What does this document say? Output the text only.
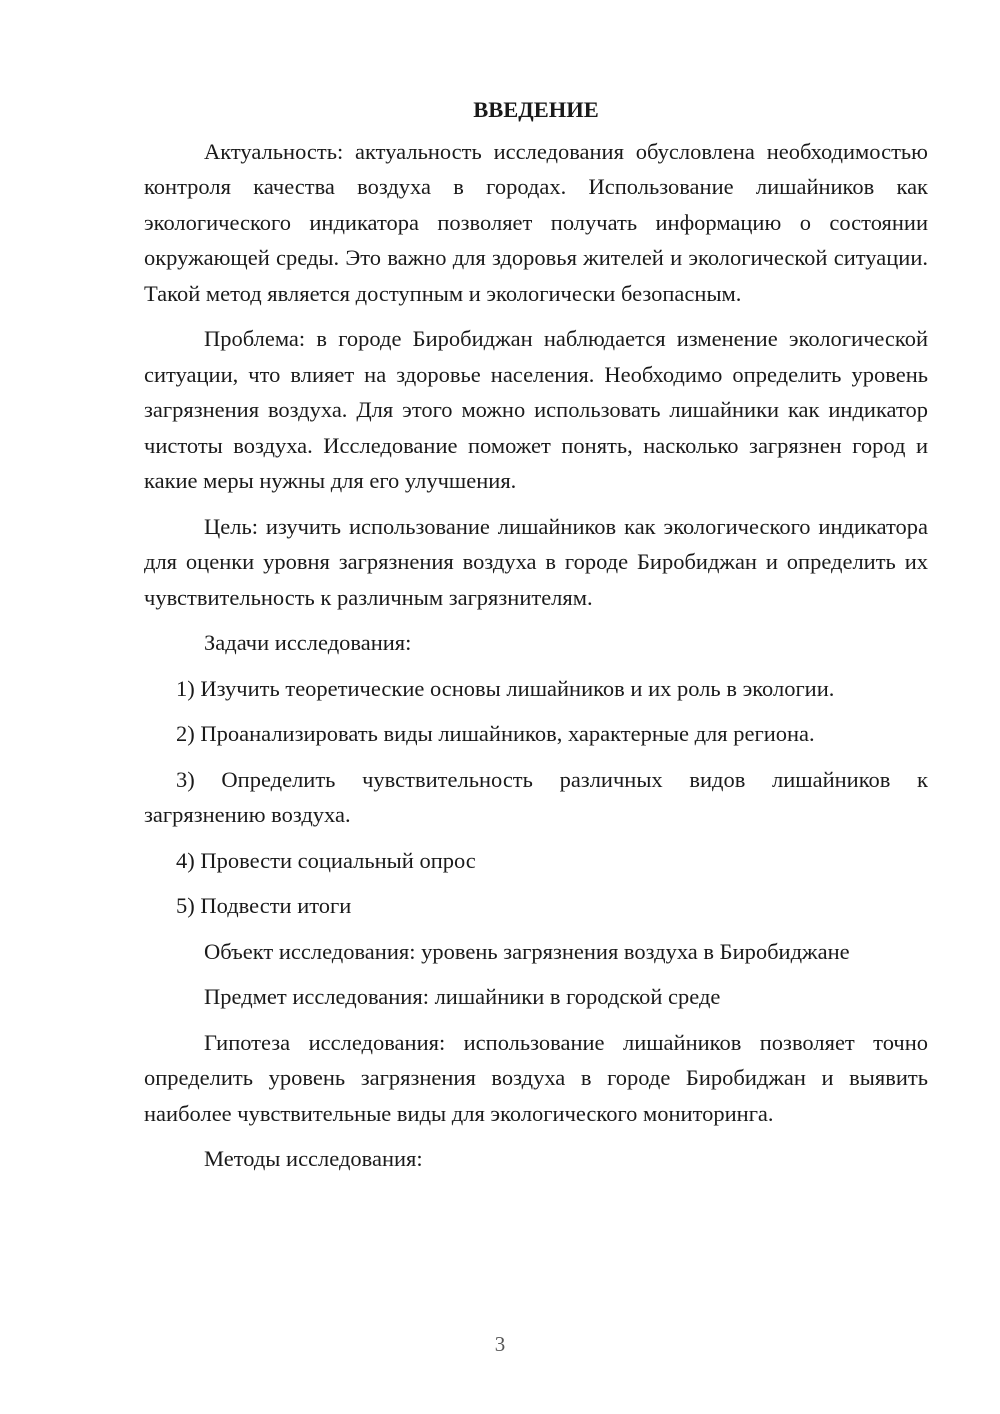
ВВЕДЕНИЕ

Актуальность: актуальность исследования обусловлена необходимостью контроля качества воздуха в городах. Использование лишайников как экологического индикатора позволяет получать информацию о состоянии окружающей среды. Это важно для здоровья жителей и экологической ситуации. Такой метод является доступным и экологически безопасным.

Проблема: в городе Биробиджан наблюдается изменение экологической ситуации, что влияет на здоровье населения. Необходимо определить уровень загрязнения воздуха. Для этого можно использовать лишайники как индикатор чистоты воздуха. Исследование поможет понять, насколько загрязнен город и какие меры нужны для его улучшения.

Цель: изучить использование лишайников как экологического индикатора для оценки уровня загрязнения воздуха в городе Биробиджан и определить их чувствительность к различным загрязнителям.

Задачи исследования:

1) Изучить теоретические основы лишайников и их роль в экологии.

2) Проанализировать виды лишайников, характерные для региона.

3) Определить чувствительность различных видов лишайников к загрязнению воздуха.

4) Провести социальный опрос

5) Подвести итоги

Объект исследования: уровень загрязнения воздуха в Биробиджане

Предмет исследования: лишайники в городской среде

Гипотеза исследования: использование лишайников позволяет точно определить уровень загрязнения воздуха в городе Биробиджан и выявить наиболее чувствительные виды для экологического мониторинга.

Методы исследования:

3
